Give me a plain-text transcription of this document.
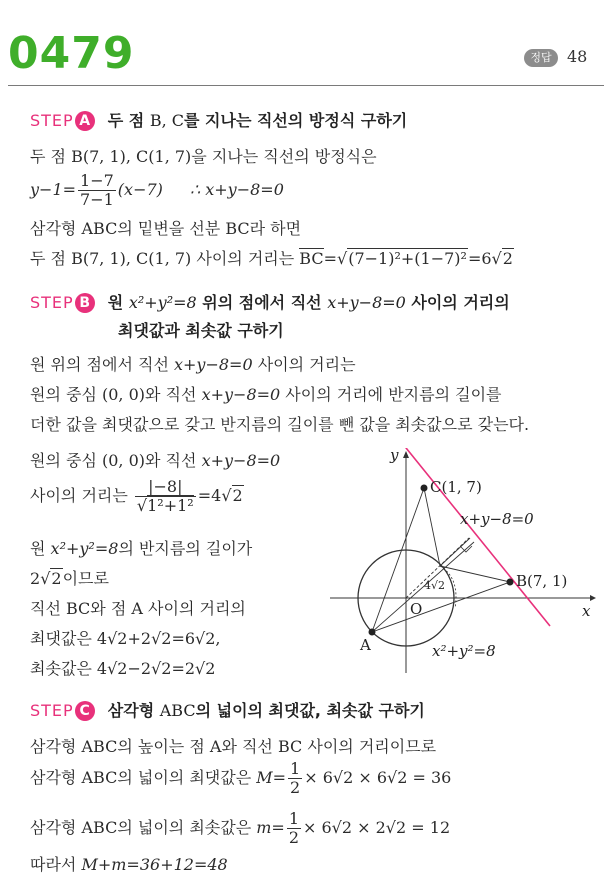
0479	정답 48
STEP A 두 점 B, C를 지나는 직선의 방정식 구하기
두 점 B(7, 1), C(1, 7)을 지나는 직선의 방정식은
$y-1= \frac{1-7}{7-1} (x-7)$ ∴ x+y−8=0
삼각형 ABC의 밑변을 선분 BC라 하면
두 점 B(7, 1), C(1, 7) 사이의 거리는 BC=√(7−1)²+(1−7)²=6√2
STEP B 원 x²+y²=8 위의 점에서 직선 x+y−8=0 사이의 거리의
최댓값과 최솟값 구하기
원 위의 점에서 직선 x+y−8=0 사이의 거리는
원의 중심 (0, 0)와 직선 x+y−8=0 사이의 거리에 반지름의 길이를
더한 값을 최댓값으로 갖고 반지름의 길이를 뺀 값을 최솟값으로 갖는다.
원의 중심 (0, 0)와 직선 x+y−8=0
사이의 거리는 $\frac{|-8|}{\text{√1²+1²}} =4√2$
원 x²+y²=8의 반지름의 길이가
2√2이므로
직선 BC와 점 A 사이의 거리의
최댓값은 4√2+2√2=6√2,
최솟값은 4√2−2√2=2√2
y
x
O
C(1, 7)
B(7, 1)
A
x+y−8=0
x²+y²=8
4√2
STEP C 삼각형 ABC의 넓이의 최댓값, 최솟값 구하기
삼각형 ABC의 높이는 점 A와 직선 BC 사이의 거리이므로
삼각형 ABC의 넓이의 최댓값은 $M= \frac{1}{2} \times 6√2 \times 6√2 = 36$
삼각형 ABC의 넓이의 최솟값은 $m= \frac{1}{2} \times 6√2 \times 2√2 = 12$
따라서 M+m=36+12=48
